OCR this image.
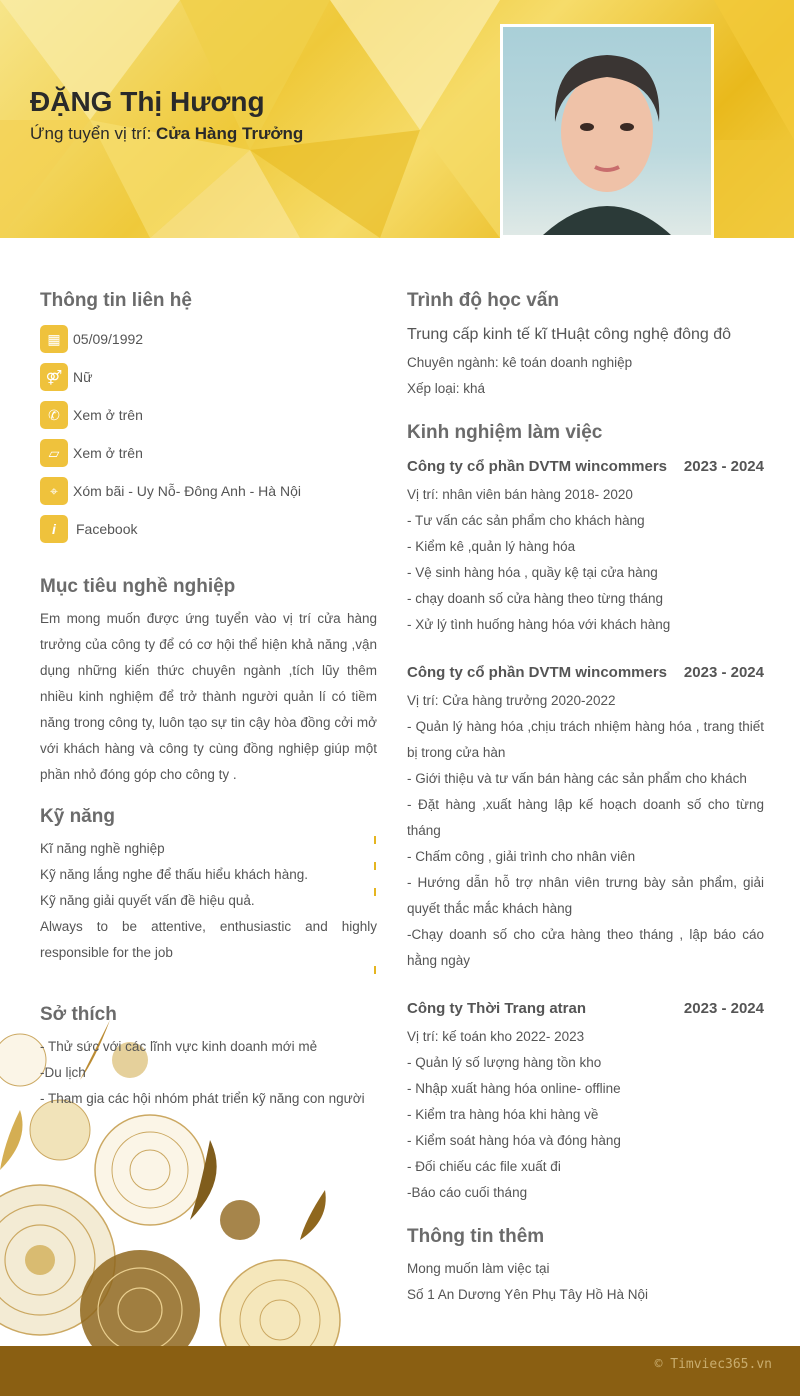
ĐẶNG Thị Hương
Ứng tuyển vị trí: Cửa Hàng Trưởng
Thông tin liên hệ
▦ 05/09/1992
⚤ Nữ
✆ Xem ở trên
▱ Xem ở trên
⌖	Xóm bãi - Uy Nỗ- Đông Anh - Hà Nội
i	Facebook
Mục tiêu nghề nghiệp
Em mong muốn được ứng tuyển vào vị trí cửa hàng trưởng của công ty để có cơ hội thể hiện khả năng ,vận dụng những kiến thức chuyên ngành ,tích lũy thêm nhiều kinh nghiệm để trở thành người quản lí có tiềm năng trong công ty, luôn tạo sự tin cậy hòa đồng cởi mở với khách hàng và công ty cùng đồng nghiệp giúp một phần nhỏ đóng góp cho công ty .
Kỹ năng
Kĩ năng nghề nghiệp
Kỹ năng lắng nghe để thấu hiểu khách hàng.
Kỹ năng giải quyết vấn đề hiệu quả.
Always to be attentive, enthusiastic and highly responsible for the job
Sở thích
- Thử sức với các lĩnh vực kinh doanh mới mẻ
-Du lịch
- Tham gia các hội nhóm phát triển kỹ năng con người
Trình độ học vấn
Trung cấp kinh tế kĩ tHuật công nghệ đông đô
Chuyên ngành: kê toán doanh nghiệp
Xếp loại: khá
Kinh nghiệm làm việc
Công ty cổ phần DVTM wincommers 2023 - 2024
Vị trí: nhân viên bán hàng 2018- 2020
- Tư vấn các sản phẩm cho khách hàng
- Kiểm kê ,quản lý hàng hóa
- Vệ sinh hàng hóa , quầy kệ tại cửa hàng
- chạy doanh số cửa hàng theo từng tháng
- Xử lý tình huống hàng hóa với khách hàng
Công ty cổ phần DVTM wincommers 2023 - 2024
Vị trí: Cửa hàng trưởng 2020-2022
- Quản lý hàng hóa ,chịu trách nhiệm hàng hóa , trang thiết bị trong cửa hàn
- Giới thiệu và tư vấn bán hàng các sản phẩm cho khách
- Đặt hàng ,xuất hàng lập kế hoạch doanh số cho từng tháng
- Chấm công , giải trình cho nhân viên
- Hướng dẫn hỗ trợ nhân viên trưng bày sản phẩm, giải quyết thắc mắc khách hàng
-Chạy doanh số cho cửa hàng theo tháng , lập báo cáo hằng ngày
Công ty Thời Trang atran	2023 - 2024
Vị trí: kế toán kho 2022- 2023
- Quản lý số lượng hàng tồn kho
- Nhập xuất hàng hóa online- offline
- Kiểm tra hàng hóa khi hàng về
- Kiểm soát hàng hóa và đóng hàng
- Đối chiếu các file xuất đi
-Báo cáo cuối tháng
Thông tin thêm
Mong muốn làm việc tại
Số 1 An Dương Yên Phụ Tây Hồ Hà Nội
© Timviec365.vn
